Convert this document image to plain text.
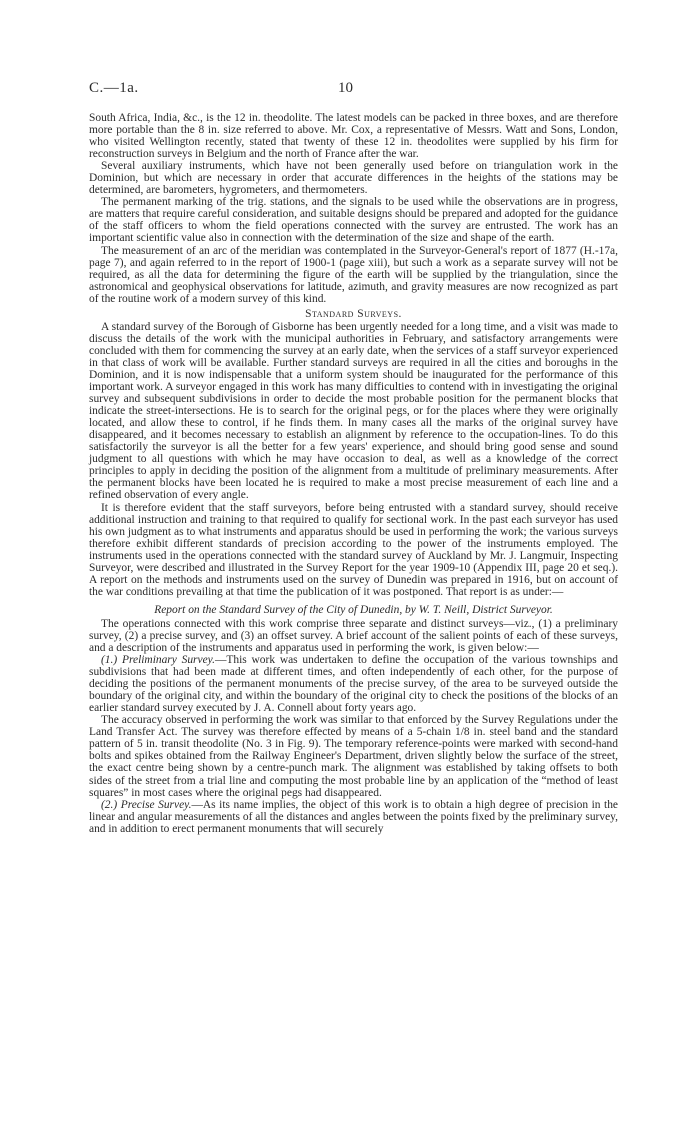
C.—1a.	10

South Africa, India, &c., is the 12 in. theodolite. The latest models can be packed in three boxes, and are therefore more portable than the 8 in. size referred to above. Mr. Cox, a representative of Messrs. Watt and Sons, London, who visited Wellington recently, stated that twenty of these 12 in. theodolites were supplied by his firm for reconstruction surveys in Belgium and the north of France after the war.

Several auxiliary instruments, which have not been generally used before on triangulation work in the Dominion, but which are necessary in order that accurate differences in the heights of the stations may be determined, are barometers, hygrometers, and thermometers.

The permanent marking of the trig. stations, and the signals to be used while the observations are in progress, are matters that require careful consideration, and suitable designs should be prepared and adopted for the guidance of the staff officers to whom the field operations connected with the survey are entrusted. The work has an important scientific value also in connection with the determination of the size and shape of the earth.

The measurement of an arc of the meridian was contemplated in the Surveyor-General's report of 1877 (H.-17a, page 7), and again referred to in the report of 1900-1 (page xiii), but such a work as a separate survey will not be required, as all the data for determining the figure of the earth will be supplied by the triangulation, since the astronomical and geophysical observations for latitude, azimuth, and gravity measures are now recognized as part of the routine work of a modern survey of this kind.

Standard Surveys.

A standard survey of the Borough of Gisborne has been urgently needed for a long time, and a visit was made to discuss the details of the work with the municipal authorities in February, and satisfactory arrangements were concluded with them for commencing the survey at an early date, when the services of a staff surveyor experienced in that class of work will be available. Further standard surveys are required in all the cities and boroughs in the Dominion, and it is now indispensable that a uniform system should be inaugurated for the performance of this important work. A surveyor engaged in this work has many difficulties to contend with in investigating the original survey and subsequent subdivisions in order to decide the most probable position for the permanent blocks that indicate the street-intersections. He is to search for the original pegs, or for the places where they were originally located, and allow these to control, if he finds them. In many cases all the marks of the original survey have disappeared, and it becomes necessary to establish an alignment by reference to the occupation-lines. To do this satisfactorily the surveyor is all the better for a few years' experience, and should bring good sense and sound judgment to all questions with which he may have occasion to deal, as well as a knowledge of the correct principles to apply in deciding the position of the alignment from a multitude of preliminary measurements. After the permanent blocks have been located he is required to make a most precise measurement of each line and a refined observation of every angle.

It is therefore evident that the staff surveyors, before being entrusted with a standard survey, should receive additional instruction and training to that required to qualify for sectional work. In the past each surveyor has used his own judgment as to what instruments and apparatus should be used in performing the work; the various surveys therefore exhibit different standards of precision according to the power of the instruments employed. The instruments used in the operations connected with the standard survey of Auckland by Mr. J. Langmuir, Inspecting Surveyor, were described and illustrated in the Survey Report for the year 1909-10 (Appendix III, page 20 et seq.). A report on the methods and instruments used on the survey of Dunedin was prepared in 1916, but on account of the war conditions prevailing at that time the publication of it was postponed. That report is as under:—

Report on the Standard Survey of the City of Dunedin, by W. T. Neill, District Surveyor.

The operations connected with this work comprise three separate and distinct surveys—viz., (1) a preliminary survey, (2) a precise survey, and (3) an offset survey. A brief account of the salient points of each of these surveys, and a description of the instruments and apparatus used in performing the work, is given below:—

(1.) Preliminary Survey.—This work was undertaken to define the occupation of the various townships and subdivisions that had been made at different times, and often independently of each other, for the purpose of deciding the positions of the permanent monuments of the precise survey, of the area to be surveyed outside the boundary of the original city, and within the boundary of the original city to check the positions of the blocks of an earlier standard survey executed by J. A. Connell about forty years ago.

The accuracy observed in performing the work was similar to that enforced by the Survey Regulations under the Land Transfer Act. The survey was therefore effected by means of a 5-chain 1/8 in. steel band and the standard pattern of 5 in. transit theodolite (No. 3 in Fig. 9). The temporary reference-points were marked with second-hand bolts and spikes obtained from the Railway Engineer's Department, driven slightly below the surface of the street, the exact centre being shown by a centre-punch mark. The alignment was established by taking offsets to both sides of the street from a trial line and computing the most probable line by an application of the “method of least squares” in most cases where the original pegs had disappeared.

(2.) Precise Survey.—As its name implies, the object of this work is to obtain a high degree of precision in the linear and angular measurements of all the distances and angles between the points fixed by the preliminary survey, and in addition to erect permanent monuments that will securely
